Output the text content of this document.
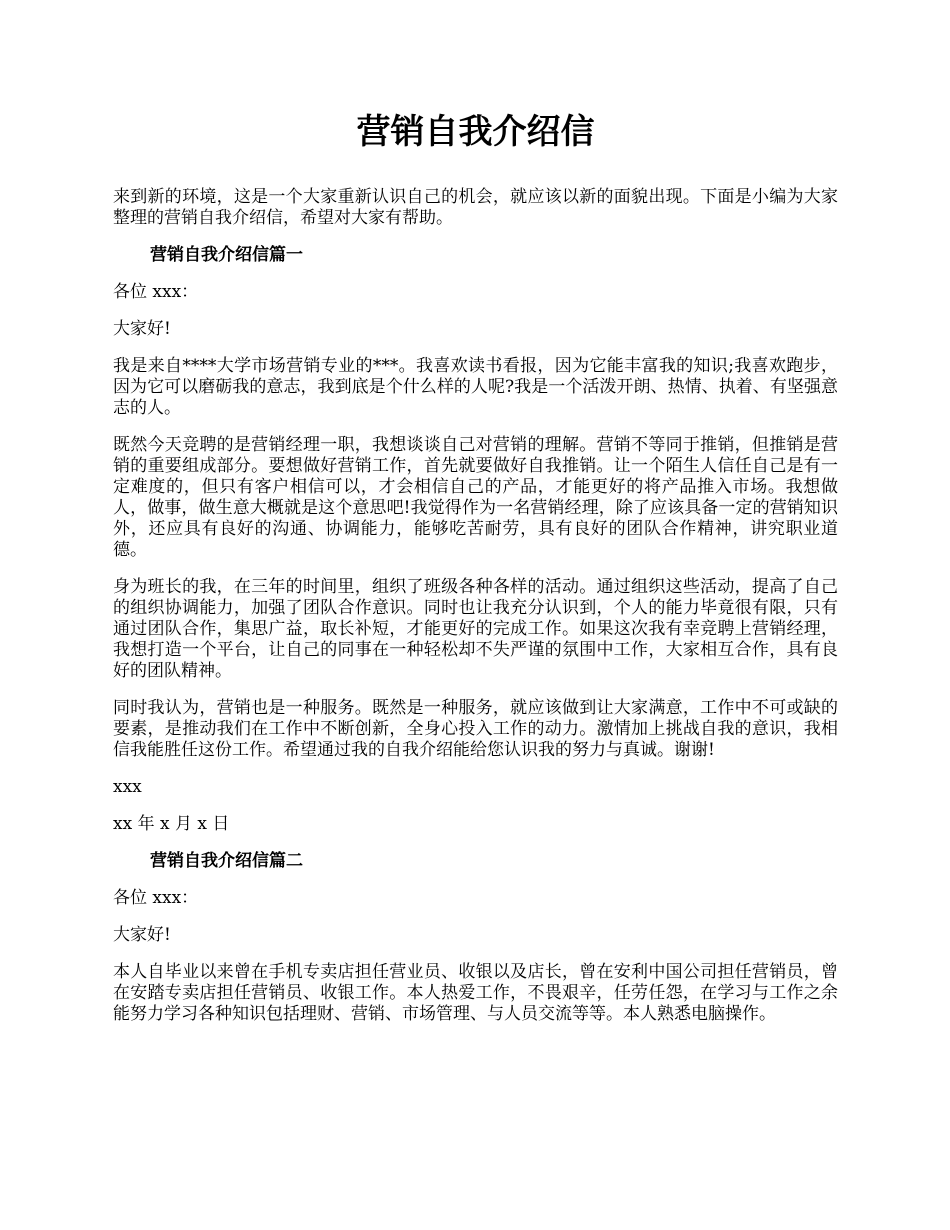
营销自我介绍信

来到新的环境，这是一个大家重新认识自己的机会，就应该以新的面貌出现。下面是小编为大家整理的营销自我介绍信，希望对大家有帮助。

营销自我介绍信篇一
各位 xxx：
大家好!

我是来自****大学市场营销专业的***。我喜欢读书看报，因为它能丰富我的知识;我喜欢跑步，因为它可以磨砺我的意志，我到底是个什么样的人呢?我是一个活泼开朗、热情、执着、有坚强意志的人。

既然今天竞聘的是营销经理一职，我想谈谈自己对营销的理解。营销不等同于推销，但推销是营销的重要组成部分。要想做好营销工作，首先就要做好自我推销。让一个陌生人信任自己是有一定难度的，但只有客户相信可以，才会相信自己的产品，才能更好的将产品推入市场。我想做人，做事，做生意大概就是这个意思吧!我觉得作为一名营销经理，除了应该具备一定的营销知识外，还应具有良好的沟通、协调能力，能够吃苦耐劳，具有良好的团队合作精神，讲究职业道德。

身为班长的我，在三年的时间里，组织了班级各种各样的活动。通过组织这些活动，提高了自己的组织协调能力，加强了团队合作意识。同时也让我充分认识到，个人的能力毕竟很有限，只有通过团队合作，集思广益，取长补短，才能更好的完成工作。如果这次我有幸竞聘上营销经理，我想打造一个平台，让自己的同事在一种轻松却不失严谨的氛围中工作，大家相互合作，具有良好的团队精神。

同时我认为，营销也是一种服务。既然是一种服务，就应该做到让大家满意，工作中不可或缺的要素，是推动我们在工作中不断创新，全身心投入工作的动力。激情加上挑战自我的意识，我相信我能胜任这份工作。希望通过我的自我介绍能给您认识我的努力与真诚。谢谢!

xxx
xx 年 x 月 x 日
营销自我介绍信篇二
各位 xxx：
大家好!

本人自毕业以来曾在手机专卖店担任营业员、收银以及店长，曾在安利中国公司担任营销员，曾在安踏专卖店担任营销员、收银工作。本人热爱工作，不畏艰辛，任劳任怨，在学习与工作之余能努力学习各种知识包括理财、营销、市场管理、与人员交流等等。本人熟悉电脑操作。
